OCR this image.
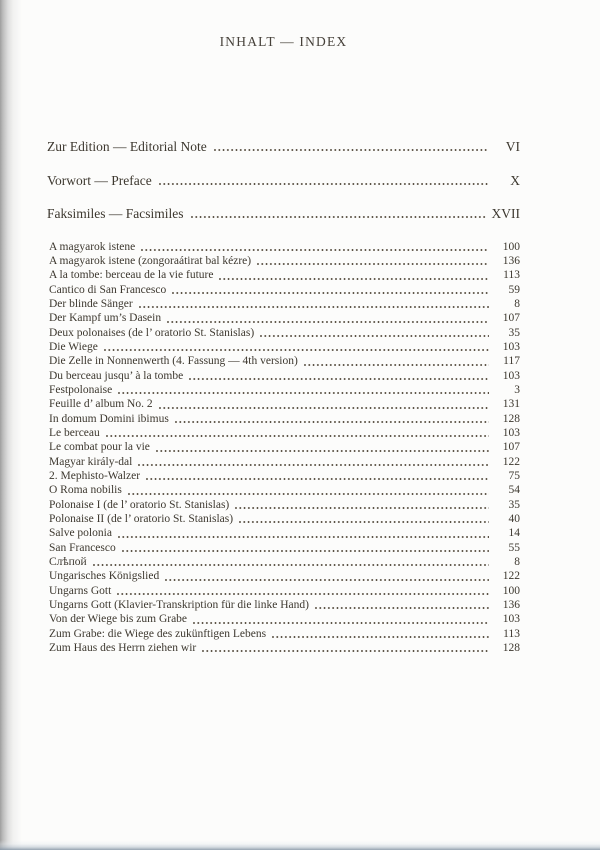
INHALT — INDEX
Zur Edition — Editorial Note	VI
Vorwort — Preface	X
Faksimiles — Facsimiles	XVII
A magyarok istene	100
A magyarok istene (zongoraátirat bal kézre)	136
A la tombe: berceau de la vie future	113
Cantico di San Francesco	59
Der blinde Sänger	8
Der Kampf um’s Dasein	107
Deux polonaises (de l’ oratorio St. Stanislas)	35
Die Wiege	103
Die Zelle in Nonnenwerth (4. Fassung — 4th version)	117
Du berceau jusqu’ à la tombe	103
Festpolonaise	3
Feuille d’ album No. 2	131
In domum Domini ibimus	128
Le berceau	103
Le combat pour la vie	107
Magyar király-dal	122
2. Mephisto-Walzer	75
O Roma nobilis	54
Polonaise I (de l’ oratorio St. Stanislas)	35
Polonaise II (de l’ oratorio St. Stanislas)	40
Salve polonia	14
San Francesco	55
Слѣпой	8
Ungarisches Königslied	122
Ungarns Gott	100
Ungarns Gott (Klavier-Transkription für die linke Hand)	136
Von der Wiege bis zum Grabe	103
Zum Grabe: die Wiege des zukünftigen Lebens	113
Zum Haus des Herrn ziehen wir	128
